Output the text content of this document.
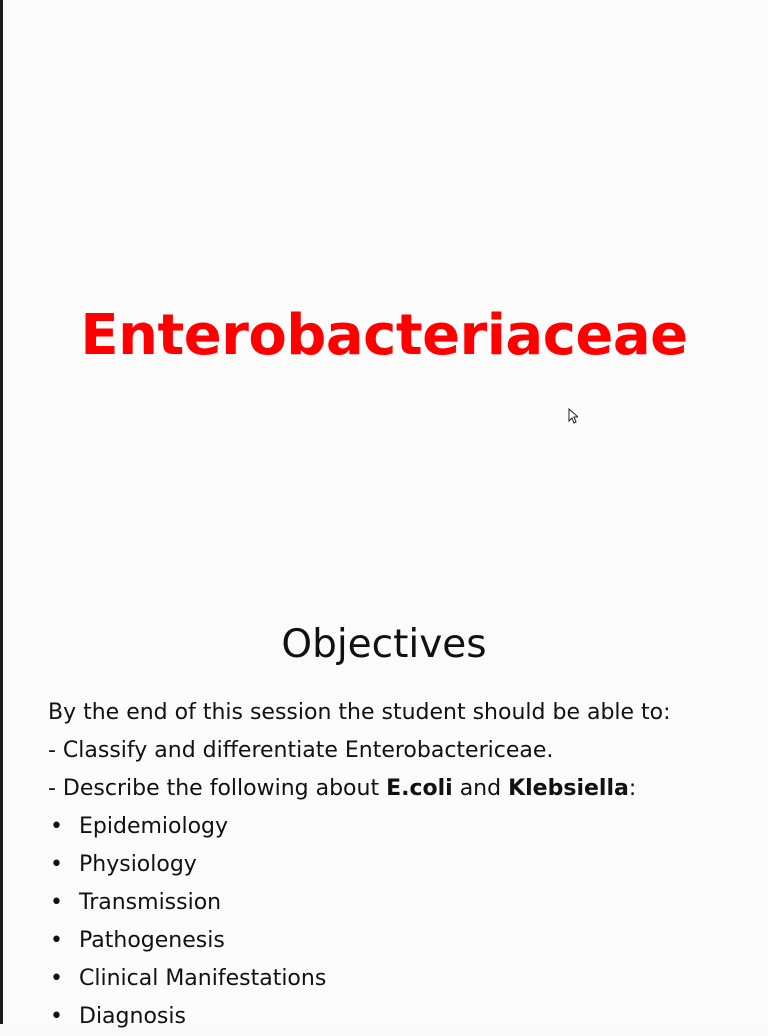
Enterobacteriaceae
Objectives
By the end of this session the student should be able to:
- Classify and differentiate Enterobactericeae.
- Describe the following about E.coli and Klebsiella:
• Epidemiology
• Physiology
• Transmission
• Pathogenesis
• Clinical Manifestations
• Diagnosis
